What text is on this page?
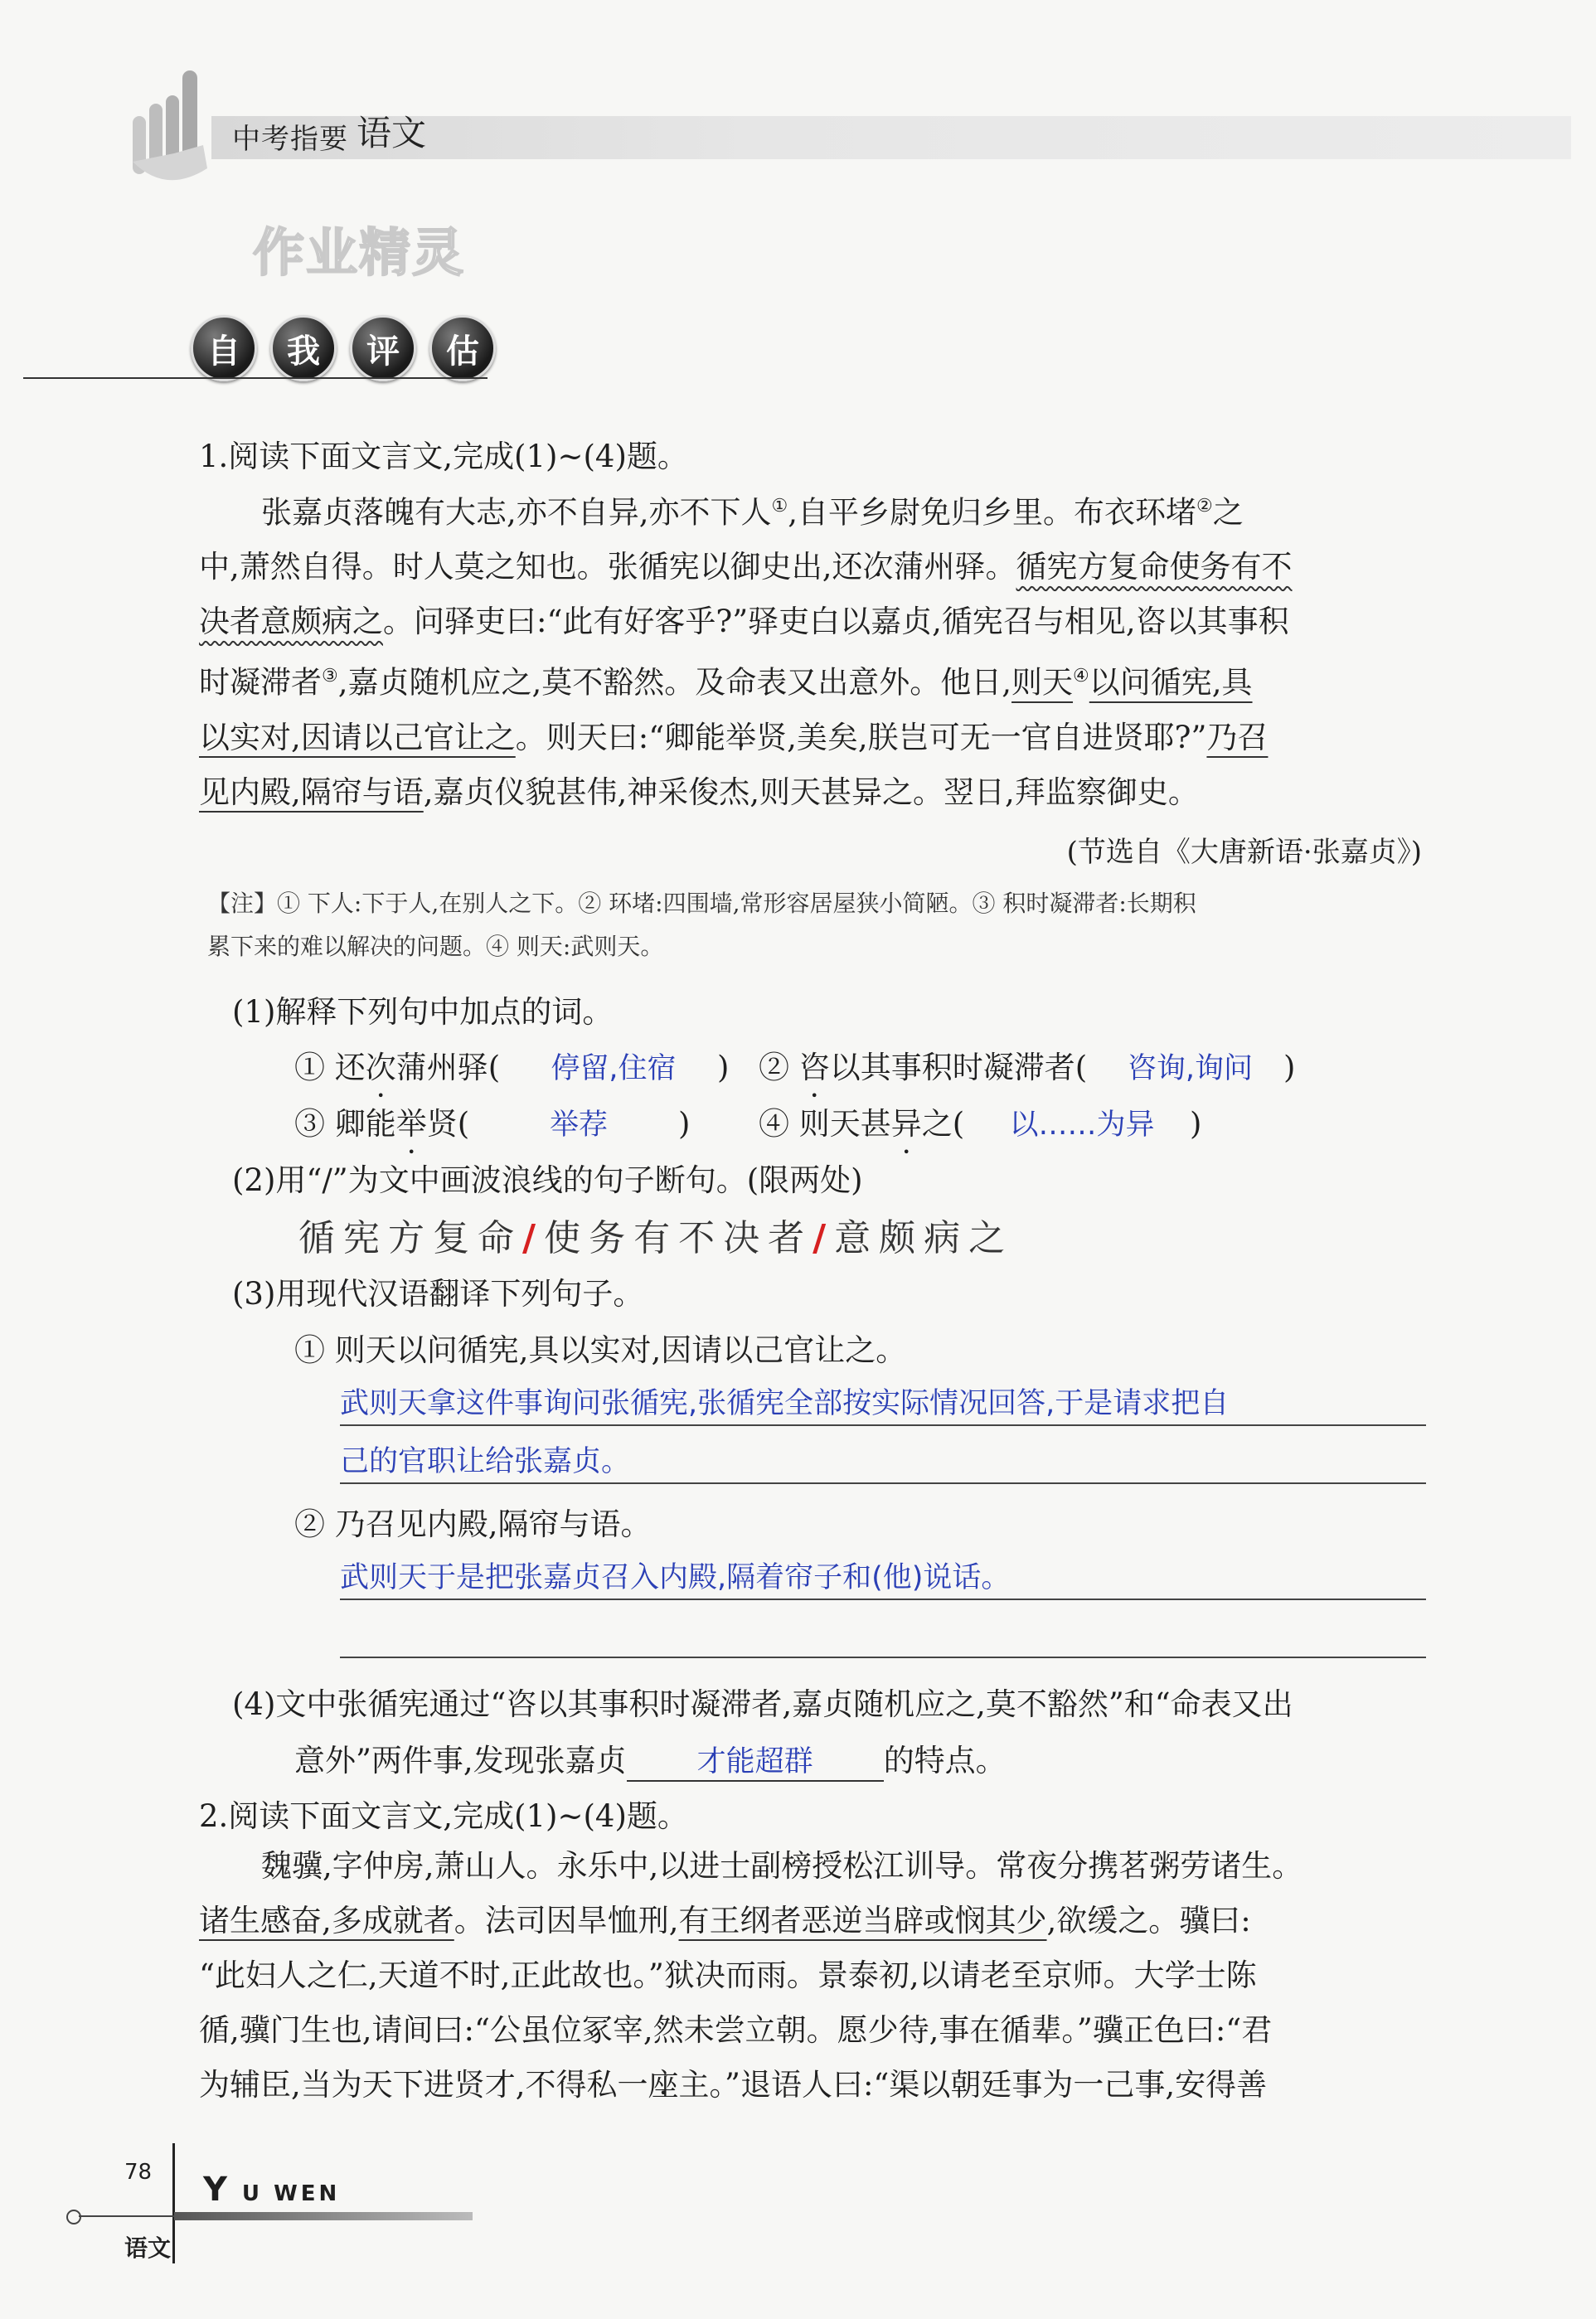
中考指要 语文
作业精灵
自	我	评	估
1.阅读下面文言文,完成(1)~(4)题。
张嘉贞落魄有大志,亦不自异,亦不下人①,自平乡尉免归乡里。布衣环堵②之
中,萧然自得。时人莫之知也。张循宪以御史出,还次 •蒲州驿。循宪方复命使务有不
决者意颇病之。问驿吏曰:“此有好客乎?”驿吏白以嘉贞,循宪召与相见,咨 •以其事积
时凝滞者③,嘉贞随机应之,莫不豁然。及命表又出意外。他日,则天④以问循宪,具
以实对,因请以己官让之。则天曰:“卿能举 •贤,美矣,朕岂可无一官自进贤耶?”乃召
见内殿,隔帘与语,嘉贞仪貌甚伟,神采俊杰,则天甚异 •之。翌日,拜监察御史。
(节选自《大唐新语·张嘉贞》)
【注】① 下人:下于人,在别人之下。② 环堵:四围墙,常形容居屋狭小简陋。③ 积时凝滞者:长期积
累下来的难以解决的问题。④ 则天:武则天。
(1)解释下列句中加点的词。
① 还次蒲州驿( 停留,住宿 ) ② 咨以其事积时凝滞者( 咨询,询问 )
③ 卿能举贤(	举荐 ) ④ 则天甚异之( 以……为异 )
(2)用“/”为文中画波浪线的句子断句。(限两处)
循宪方复命/使务有不决者/意颇病之
(3)用现代汉语翻译下列句子。
① 则天以问循宪,具以实对,因请以己官让之。
武则天拿这件事询问张循宪,张循宪全部按实际情况回答,于是请求把自
己的官职让给张嘉贞。
② 乃召见内殿,隔帘与语。
武则天于是把张嘉贞召入内殿,隔着帘子和(他)说话。
(4)文中张循宪通过“咨以其事积时凝滞者,嘉贞随机应之,莫不豁然”和“命表又出
意外”两件事,发现张嘉贞 才能超群 的特点。
2.阅读下面文言文,完成(1)~(4)题。
魏骥,字仲房,萧山人。永乐中,以进士副榜授松江训导。常夜分携茗粥劳诸生。
诸生感奋,多成就者。法司因旱恤刑,有王纲者恶逆当辟或悯其少,欲缓之。骥曰:
“此妇人之仁,天道不时,正此故也。”狱决而雨。景泰初,以请老至京师。大学士陈
循,骥门生也,请间曰:“公虽位冢宰,然未尝立朝。愿少待,事在循辈。”骥正色曰:“君
为辅臣,当为天下进贤才,不得私一座 •主。”退语人曰:“渠以朝廷事为一己事,安得善
78 Y U WEN
语文
